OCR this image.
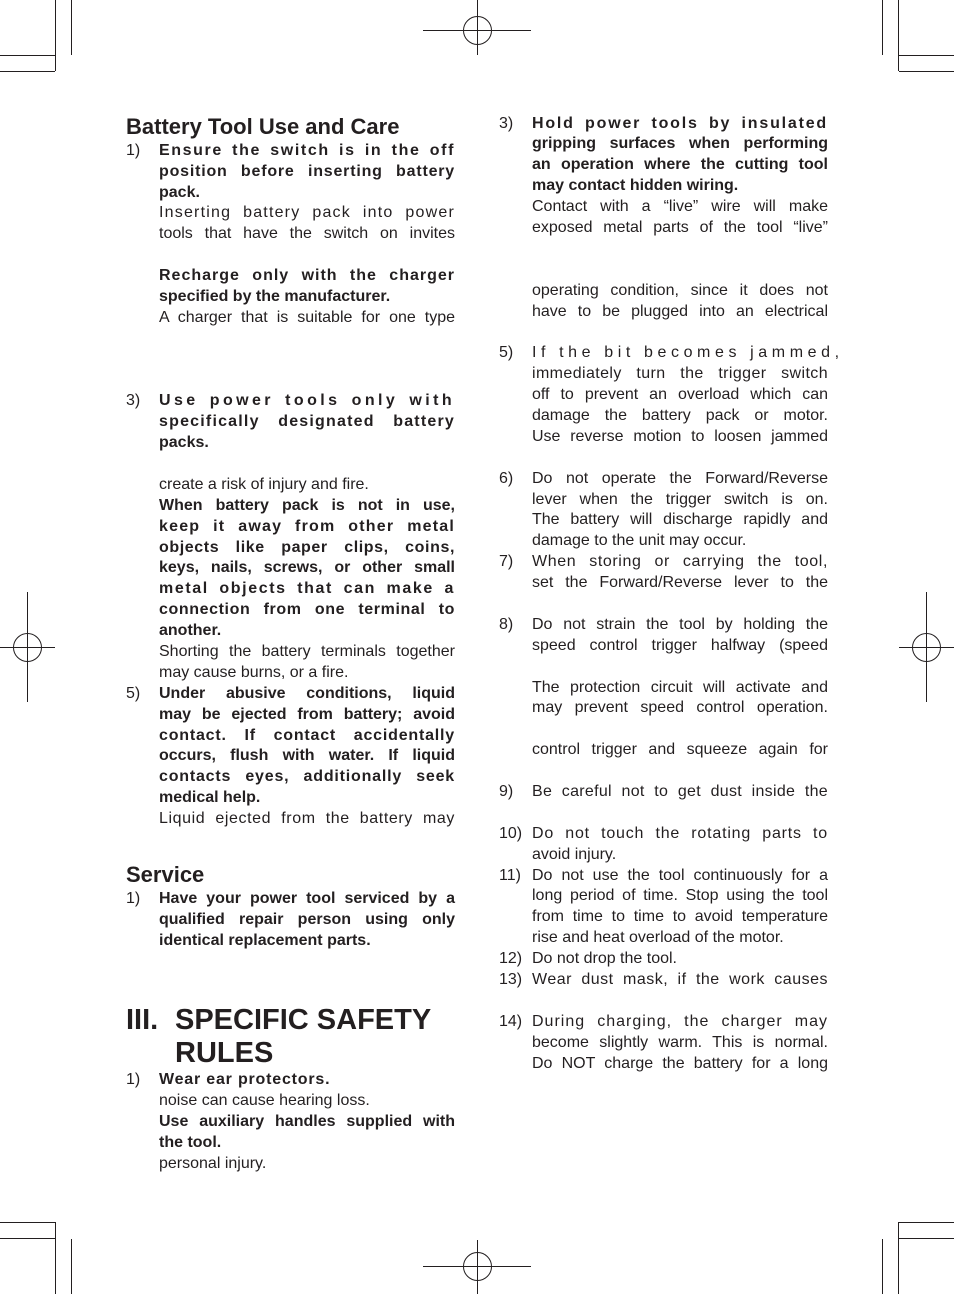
Battery Tool Use and Care
1) Ensure the switch is in the off
position before inserting battery
pack.
Inserting battery pack into power
tools that have the switch on invites
Recharge only with the charger
specified by the manufacturer.
A charger that is suitable for one type
3) Use power tools only with
specifically designated battery
packs.
create a risk of injury and fire.
When battery pack is not in use,
keep it away from other metal
objects like paper clips, coins,
keys, nails, screws, or other small
metal objects that can make a
connection from one terminal to
another.
Shorting the battery terminals together
may cause burns, or a fire.
5) Under abusive conditions, liquid
may be ejected from battery; avoid
contact. If contact accidentally
occurs, flush with water. If liquid
contacts eyes, additionally seek
medical help.
Liquid ejected from the battery may
Service
1) Have your power tool serviced by a
qualified repair person using only
identical replacement parts.
III. SPECIFIC SAFETY
RULES
1) Wear ear protectors.
noise can cause hearing loss.
Use auxiliary handles supplied with
the tool.
personal injury.
3) Hold power tools by insulated
gripping surfaces when performing
an operation where the cutting tool
may contact hidden wiring.
Contact with a “live” wire will make
exposed metal parts of the tool “live”
operating condition, since it does not
have to be plugged into an electrical
5) If the bit becomes jammed,
immediately turn the trigger switch
off to prevent an overload which can
damage the battery pack or motor.
Use reverse motion to loosen jammed
6) Do not operate the Forward/Reverse
lever when the trigger switch is on.
The battery will discharge rapidly and
damage to the unit may occur.
7) When storing or carrying the tool,
set the Forward/Reverse lever to the
8) Do not strain the tool by holding the
speed control trigger halfway (speed
The protection circuit will activate and
may prevent speed control operation.
control trigger and squeeze again for
9) Be careful not to get dust inside the
10) Do not touch the rotating parts to
avoid injury.
11) Do not use the tool continuously for a
long period of time. Stop using the tool
from time to time to avoid temperature
rise and heat overload of the motor.
12) Do not drop the tool.
13) Wear dust mask, if the work causes
14) During charging, the charger may
become slightly warm. This is normal.
Do NOT charge the battery for a long
